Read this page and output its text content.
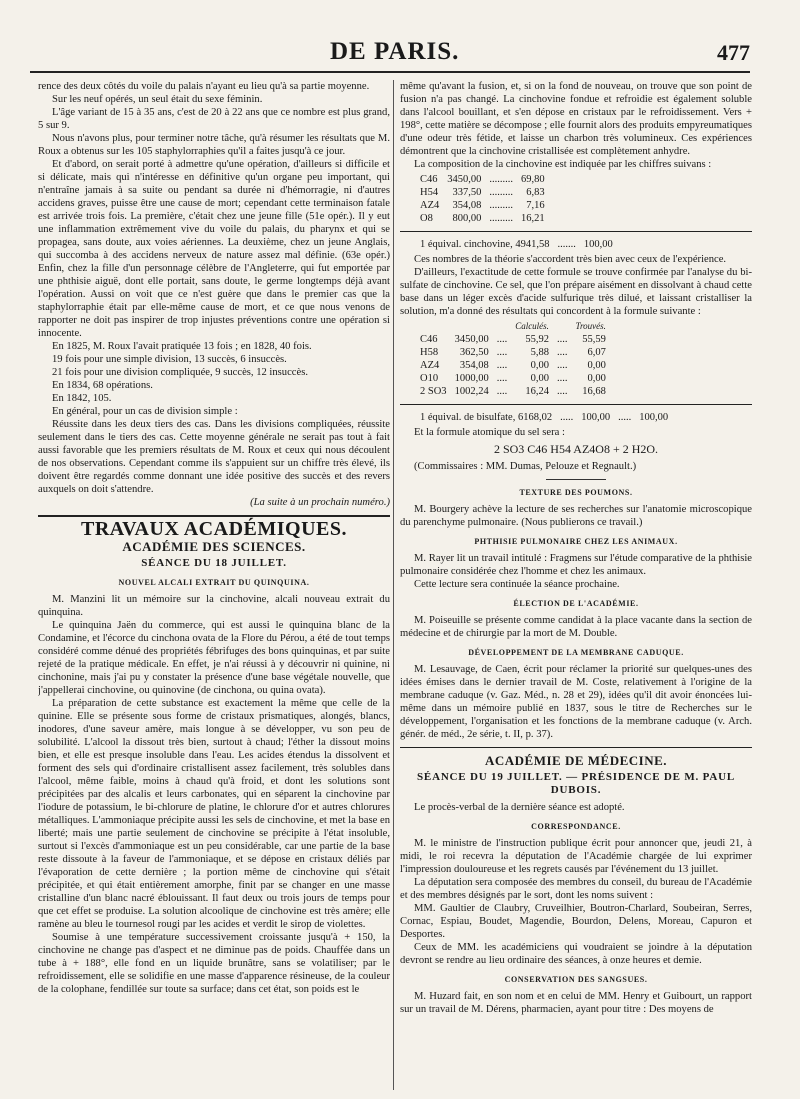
DE PARIS.	477

rence des deux côtés du voile du palais n'ayant eu lieu qu'à sa partie moyenne.

Sur les neuf opérés, un seul était du sexe féminin.

L'âge variant de 15 à 35 ans, c'est de 20 à 22 ans que ce nombre est plus grand, 5 sur 9.

Nous n'avons plus, pour terminer notre tâche, qu'à résumer les résultats que M. Roux a obtenus sur les 105 staphylorraphies qu'il a faites jusqu'à ce jour.

Et d'abord, on serait porté à admettre qu'une opération, d'ailleurs si difficile et si délicate, mais qui n'intéresse en définitive qu'un organe peu important, qui n'entraîne jamais à sa suite ou pendant sa durée ni d'hémorragie, ni d'autres accidens graves, puisse être une cause de mort; cependant cette terminaison fatale est arrivée trois fois. La première, c'était chez une jeune fille (51e opér.). Il y eut une inflammation extrêmement vive du voile du palais, du pharynx et qui se propagea, sans doute, aux voies aériennes. La deuxième, chez un jeune Anglais, qui succomba à des accidens nerveux de nature assez mal définie. (63e opér.) Enfin, chez la fille d'un personnage célèbre de l'Angleterre, qui fut emportée par une phthisie aiguë, dont elle portait, sans doute, le germe longtemps déjà avant l'opération. Aussi on voit que ce n'est guère que dans le premier cas que la staphylorraphie était par elle-même cause de mort, et ce que nous venons de rapporter ne doit pas inspirer de trop injustes préventions contre une opération si innocente.

En 1825, M. Roux l'avait pratiquée 13 fois ; en 1828, 40 fois.

19 fois pour une simple division, 13 succès, 6 insuccès.

21 fois pour une division compliquée, 9 succès, 12 insuccès.

En 1834, 68 opérations.

En 1842, 105.

En général, pour un cas de division simple :

Réussite dans les deux tiers des cas. Dans les divisions compliquées, réussite seulement dans le tiers des cas. Cette moyenne générale ne serait pas tout à fait aussi favorable que les premiers résultats de M. Roux et ceux qui nous découlent de nos observations. Cependant comme ils s'appuient sur un chiffre très élevé, ils doivent être regardés comme donnant une idée positive des succès et des revers auxquels on doit s'attendre.

(La suite à un prochain numéro.)

TRAVAUX ACADÉMIQUES.
ACADÉMIE DES SCIENCES.
SÉANCE DU 18 JUILLET.
NOUVEL ALCALI EXTRAIT DU QUINQUINA.

M. Manzini lit un mémoire sur la cinchovine, alcali nouveau extrait du quinquina.

Le quinquina Jaën du commerce, qui est aussi le quinquina blanc de la Condamine, et l'écorce du cinchona ovata de la Flore du Pérou, a été de tout temps considéré comme dénué des propriétés fébrifuges des bons quinquinas, et par suite rejeté de la pratique médicale. En effet, je n'ai réussi à y découvrir ni quinine, ni cinchonine, mais j'ai pu y constater la présence d'une base végétale nouvelle, que j'appellerai cinchovine, ou quinovine (de cinchona, ou quina ovata).

La préparation de cette substance est exactement la même que celle de la quinine. Elle se présente sous forme de cristaux prismatiques, alongés, blancs, inodores, d'une saveur amère, mais longue à se développer, vu son peu de solubilité. L'alcool la dissout très bien, surtout à chaud; l'éther la dissout moins bien, et elle est presque insoluble dans l'eau. Les acides étendus la dissolvent et forment des sels qui d'ordinaire cristallisent assez facilement, très solubles dans l'alcool, même faible, moins à chaud qu'à froid, et dont les solutions sont précipitées par des alcalis et leurs carbonates, qui en séparent la cinchovine par l'iodure de potassium, le bi-chlorure de platine, le chlorure d'or et autres chlorures métalliques. L'ammoniaque précipite aussi les sels de cinchovine, et met la base en liberté; mais une partie seulement de cinchovine se précipite à l'état insoluble, surtout si l'excès d'ammoniaque est un peu considérable, car une partie de la base reste dissoute à la faveur de l'ammoniaque, et se dépose en cristaux déliés par l'évaporation de cette dernière ; la portion même de cinchovine qui s'était précipitée, et qui était entièrement amorphe, finit par se changer en une masse cristalline d'un blanc nacré éblouissant. Il faut deux ou trois jours de temps pour que cet effet se produise. La solution alcoolique de cinchovine est très amère; elle ramène au bleu le tournesol rougi par les acides et verdit le sirop de violettes.

Soumise à une température successivement croissante jusqu'à + 150, la cinchovine ne change pas d'aspect et ne diminue pas de poids. Chauffée dans un tube à + 188°, elle fond en un liquide brunâtre, sans se volatiliser; par le refroidissement, elle se solidifie en une masse d'apparence résineuse, de la couleur de la colophane, fendillée sur toute sa surface; dans cet état, son poids est le

même qu'avant la fusion, et, si on la fond de nouveau, on trouve que son point de fusion n'a pas changé. La cinchovine fondue et refroidie est également soluble dans l'alcool bouillant, et s'en dépose en cristaux par le refroidissement. Vers + 198°, cette matière se décompose ; elle fournit alors des produits empyreumatiques d'une odeur très fétide, et laisse un charbon très volumineux. Ces expériences démontrent que la cinchovine cristallisée est complètement anhydre.

La composition de la cinchovine est indiquée par les chiffres suivans :

C46	3450,00	.........	69,80
H54	337,50	.........	6,83
AZ4	354,08	.........	7,16
O8	800,00	.........	16,21
1 équival. cinchovine, 4941,58	.......	100,00

Ces nombres de la théorie s'accordent très bien avec ceux de l'expérience.

D'ailleurs, l'exactitude de cette formule se trouve confirmée par l'analyse du bi-sulfate de cinchovine. Ce sel, que l'on prépare aisément en dissolvant à chaud cette base dans un léger excès d'acide sulfurique très dilué, et laissant cristalliser la solution, m'a donné des résultats qui concordent à la formule suivante :

			Calculés.		Trouvés.
C46	3450,00	....	55,92	....	55,59
H58	362,50	....	5,88	....	6,07
AZ4	354,08	....	0,00	....	0,00
O10	1000,00	....	0,00	....	0,00
2 SO3	1002,24	....	16,24	....	16,68
1 équival. de bisulfate, 6168,02	.....	100,00	.....	100,00

Et la formule atomique du sel sera :

2 SO3 C46 H54 AZ4O8 + 2 H2O.

(Commissaires : MM. Dumas, Pelouze et Regnault.)

TEXTURE DES POUMONS.

M. Bourgery achève la lecture de ses recherches sur l'anatomie microscopique du parenchyme pulmonaire. (Nous publierons ce travail.)

PHTHISIE PULMONAIRE CHEZ LES ANIMAUX.

M. Rayer lit un travail intitulé : Fragmens sur l'étude comparative de la phthisie pulmonaire considérée chez l'homme et chez les animaux.

Cette lecture sera continuée la séance prochaine.

ÉLECTION DE L'ACADÉMIE.

M. Poiseuille se présente comme candidat à la place vacante dans la section de médecine et de chirurgie par la mort de M. Double.

DÉVELOPPEMENT DE LA MEMBRANE CADUQUE.

M. Lesauvage, de Caen, écrit pour réclamer la priorité sur quelques-unes des idées émises dans le dernier travail de M. Coste, relativement à l'origine de la membrane caduque (v. Gaz. Méd., n. 28 et 29), idées qu'il dit avoir énoncées lui-même dans un mémoire publié en 1837, sous le titre de Recherches sur le développement, l'organisation et les fonctions de la membrane caduque (v. Arch. génér. de méd., 2e série, t. II, p. 37).

ACADÉMIE DE MÉDECINE.
SÉANCE DU 19 JUILLET. — PRÉSIDENCE DE M. PAUL DUBOIS.

Le procès-verbal de la dernière séance est adopté.

CORRESPONDANCE.

M. le ministre de l'instruction publique écrit pour annoncer que, jeudi 21, à midi, le roi recevra la députation de l'Académie chargée de lui exprimer l'impression douloureuse et les regrets causés par l'événement du 13 juillet.

La députation sera composée des membres du conseil, du bureau de l'Académie et des membres désignés par le sort, dont les noms suivent :

MM. Gaultier de Claubry, Cruveilhier, Boutron-Charlard, Soubeiran, Serres, Cornac, Espiau, Boudet, Magendie, Bourdon, Delens, Moreau, Capuron et Desportes.

Ceux de MM. les académiciens qui voudraient se joindre à la députation devront se rendre au lieu ordinaire des séances, à onze heures et demie.

CONSERVATION DES SANGSUES.

M. Huzard fait, en son nom et en celui de MM. Henry et Guibourt, un rapport sur un travail de M. Dérens, pharmacien, ayant pour titre : Des moyens de
